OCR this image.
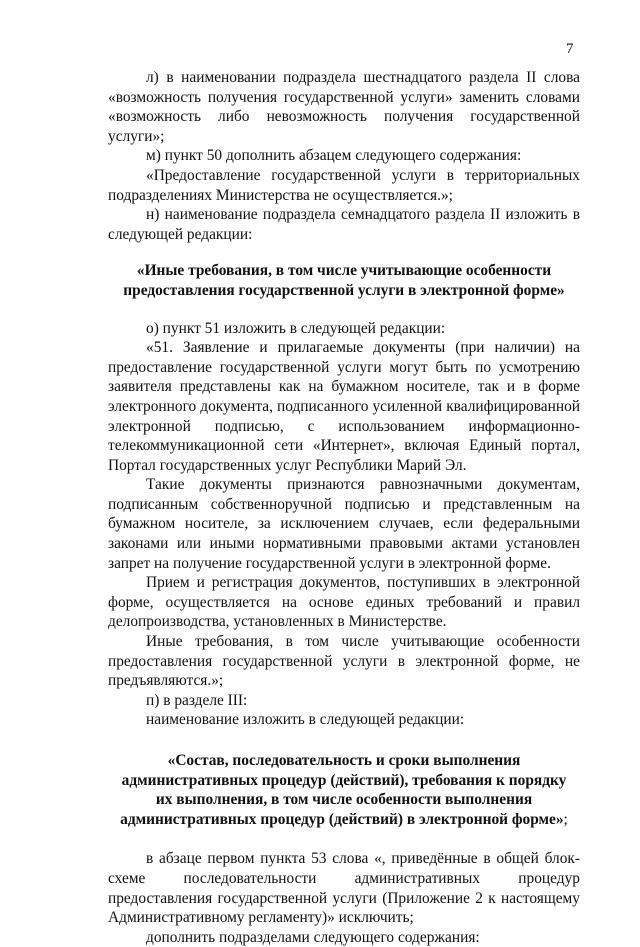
7

л) в наименовании подраздела шестнадцатого раздела II слова «возможность получения государственной услуги» заменить словами «возможность либо невозможность получения государственной услуги»;

м) пункт 50 дополнить абзацем следующего содержания:

«Предоставление государственной услуги в территориальных подразделениях Министерства не осуществляется.»;

н) наименование подраздела семнадцатого раздела II изложить в следующей редакции:

«Иные требования, в том числе учитывающие особенности предоставления государственной услуги в электронной форме»

о) пункт 51 изложить в следующей редакции:

«51. Заявление и прилагаемые документы (при наличии) на предоставление государственной услуги могут быть по усмотрению заявителя представлены как на бумажном носителе, так и в форме электронного документа, подписанного усиленной квалифицированной электронной подписью, с использованием информационно-телекоммуникационной сети «Интернет», включая Единый портал, Портал государственных услуг Республики Марий Эл.

Такие документы признаются равнозначными документам, подписанным собственноручной подписью и представленным на бумажном носителе, за исключением случаев, если федеральными законами или иными нормативными правовыми актами установлен запрет на получение государственной услуги в электронной форме.

Прием и регистрация документов, поступивших в электронной форме, осуществляется на основе единых требований и правил делопроизводства, установленных в Министерстве.

Иные требования, в том числе учитывающие особенности предоставления государственной услуги в электронной форме, не предъявляются.»;

п) в разделе III:

наименование изложить в следующей редакции:

«Состав, последовательность и сроки выполнения административных процедур (действий), требования к порядку их выполнения, в том числе особенности выполнения административных процедур (действий) в электронной форме»;

в абзаце первом пункта 53 слова «, приведённые в общей блок-схеме последовательности административных процедур предоставления государственной услуги (Приложение 2 к настоящему Административному регламенту)» исключить;

дополнить подразделами следующего содержания:
